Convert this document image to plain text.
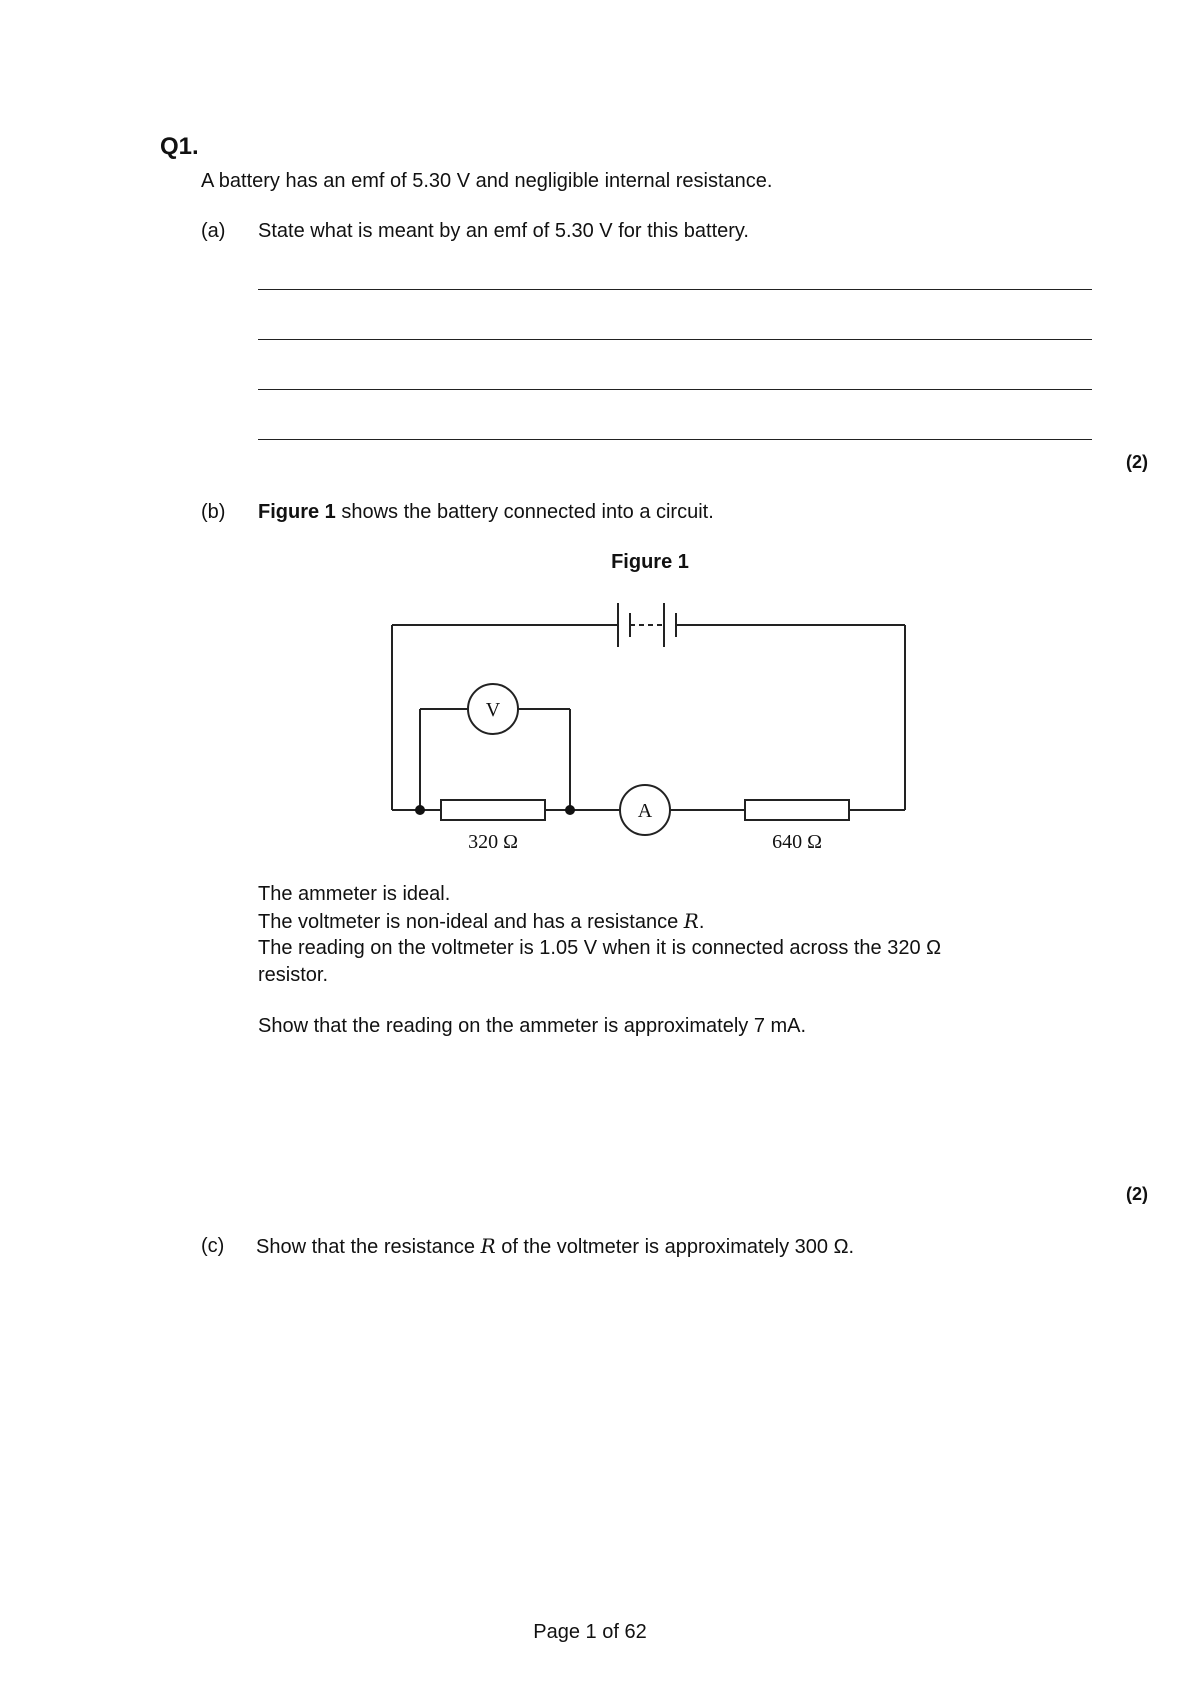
Q1.
A battery has an emf of 5.30 V and negligible internal resistance.
(a) State what is meant by an emf of 5.30 V for this battery.
(2)
(b) Figure 1 shows the battery connected into a circuit.
Figure 1
V
A
320 Ω	640 Ω
The ammeter is ideal.
The voltmeter is non-ideal and has a resistance R.
The reading on the voltmeter is 1.05 V when it is connected across the 320 Ω
resistor.
Show that the reading on the ammeter is approximately 7 mA.
(2)
(c) Show that the resistance R of the voltmeter is approximately 300 Ω.
Page 1 of 62
